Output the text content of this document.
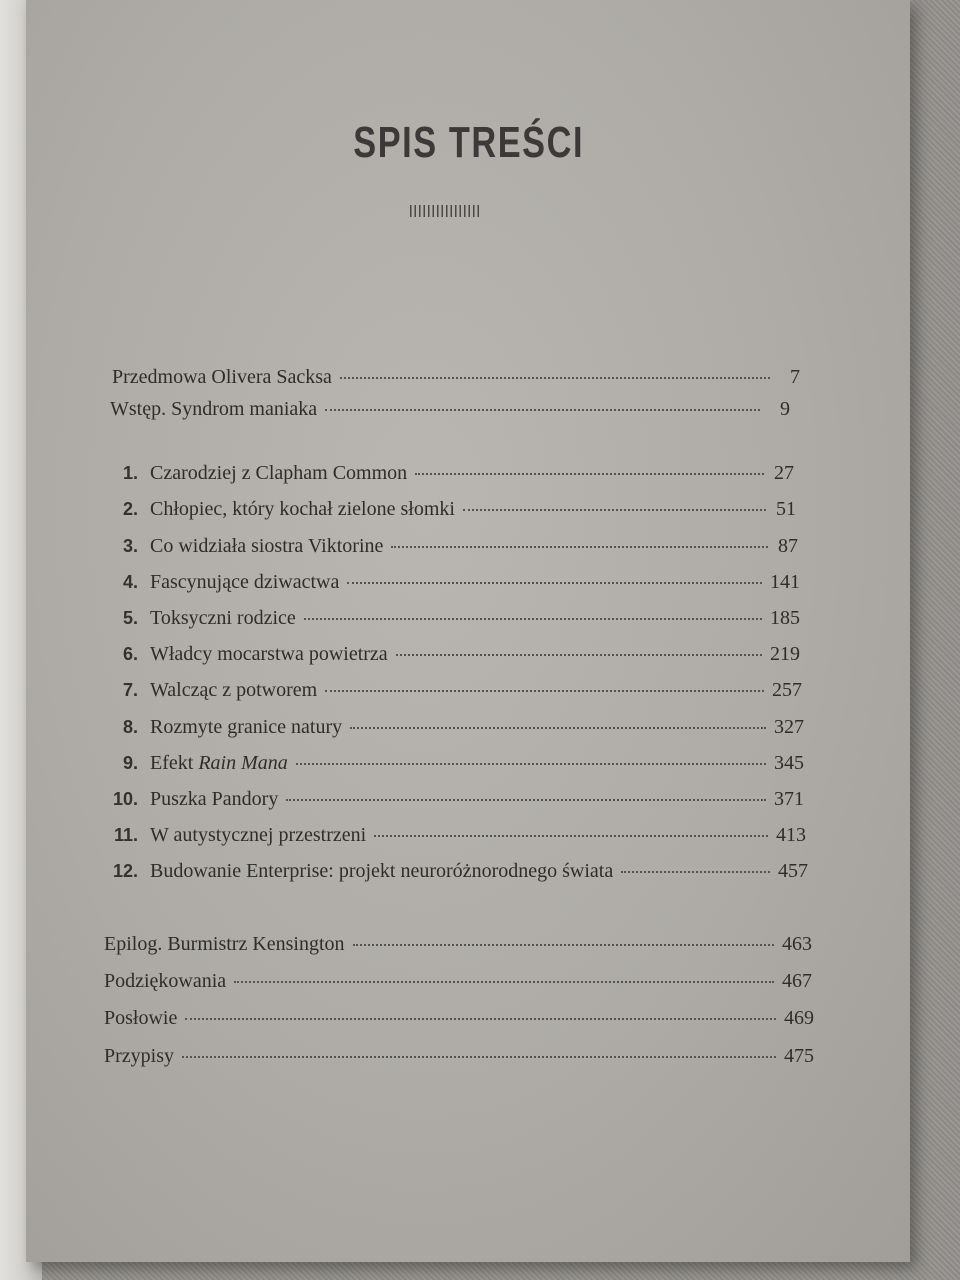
SPIS TREŚCI
Przedmowa Olivera Sacksa	7
Wstęp. Syndrom maniaka	9
1. Czarodziej z Clapham Common	27
2. Chłopiec, który kochał zielone słomki	51
3. Co widziała siostra Viktorine	87
4. Fascynujące dziwactwa	141
5. Toksyczni rodzice	185
6. Władcy mocarstwa powietrza	219
7. Walcząc z potworem	257
8. Rozmyte granice natury	327
9. Efekt Rain Mana	345
10. Puszka Pandory	371
11. W autystycznej przestrzeni	413
12. Budowanie Enterprise: projekt neuroróżnorodnego świata	457
Epilog. Burmistrz Kensington	463
Podziękowania	467
Posłowie	469
Przypisy	475
